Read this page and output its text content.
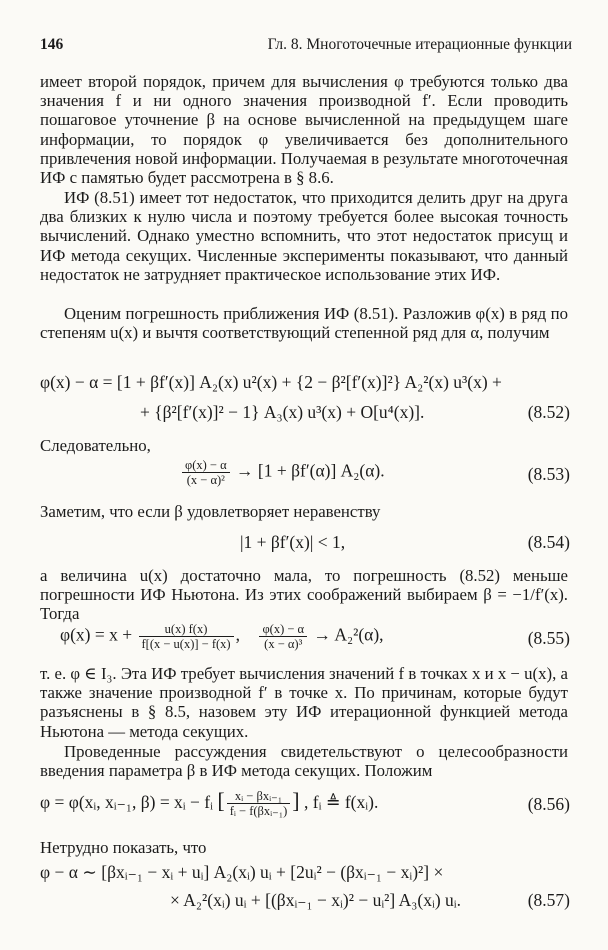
146	Гл. 8. Многоточечные итерационные функции

имеет второй порядок, причем для вычисления φ требуются только два значения f и ни одного значения производной f′. Если проводить пошаговое уточнение β на основе вычисленной на предыдущем шаге информации, то порядок φ увеличивается без дополнительного привлечения новой информации. Получаемая в результате многоточечная ИФ с памятью будет рассмотрена в § 8.6.

ИФ (8.51) имеет тот недостаток, что приходится делить друг на друга два близких к нулю числа и поэтому требуется более высокая точность вычислений. Однако уместно вспомнить, что этот недостаток присущ и ИФ метода секущих. Численные эксперименты показывают, что данный недостаток не затрудняет практическое использование этих ИФ.

Оценим погрешность приближения ИФ (8.51). Разложив φ(x) в ряд по степеням u(x) и вычтя соответствующий степенной ряд для α, получим

φ(x) − α = [1 + βf′(x)] A₂(x) u²(x) + {2 − β²[f′(x)]²} A₂²(x) u³(x) +
+ {β²[f′(x)]² − 1} A₃(x) u³(x) + O[u⁴(x)].	(8.52)

Следовательно,

$\frac{\varphi(x) - \alpha}{\text{(x − α)²}} \to [1 + \beta f'(\alpha)]$ A₂(α).	(8.53)

Заметим, что если β удовлетворяет неравенству

|1 + βf′(x)| < 1,	(8.54)

а величина u(x) достаточно мала, то погрешность (8.52) меньше погрешности ИФ Ньютона. Из этих соображений выбираем β = −1/f′(x). Тогда

$\varphi(x) = x + \frac{u(x) f(x)}{f[(x - u(x)] - f(x)}$ , $\frac{\varphi(x) - \alpha}{\text{(x − α)³}} \to A_2^2(\alpha)$,	(8.55)

т. е. φ ∈ I₃. Эта ИФ требует вычисления значений f в точках x и x − u(x), а также значение производной f′ в точке x. По причинам, которые будут разъяснены в § 8.5, назовем эту ИФ итерационной функцией метода Ньютона — метода секущих.

Проведенные рассуждения свидетельствуют о целесообразности введения параметра β в ИФ метода секущих. Положим

φ = φ(xᵢ, xᵢ₋₁, β) = xᵢ − fᵢ [ $\frac{\text{xᵢ − βxᵢ₋₁}}{\text{fᵢ − f(βxᵢ₋₁)}}$ ] , fᵢ ≜ f(xᵢ).	(8.56)

Нетрудно показать, что

φ − α ∼ [βxᵢ₋₁ − xᵢ + uᵢ] A₂(xᵢ) uᵢ + [2uᵢ² − (βxᵢ₋₁ − xᵢ)²] ×
× A₂²(xᵢ) uᵢ + [(βxᵢ₋₁ − xᵢ)² − uᵢ²] A₃(xᵢ) uᵢ.	(8.57)
